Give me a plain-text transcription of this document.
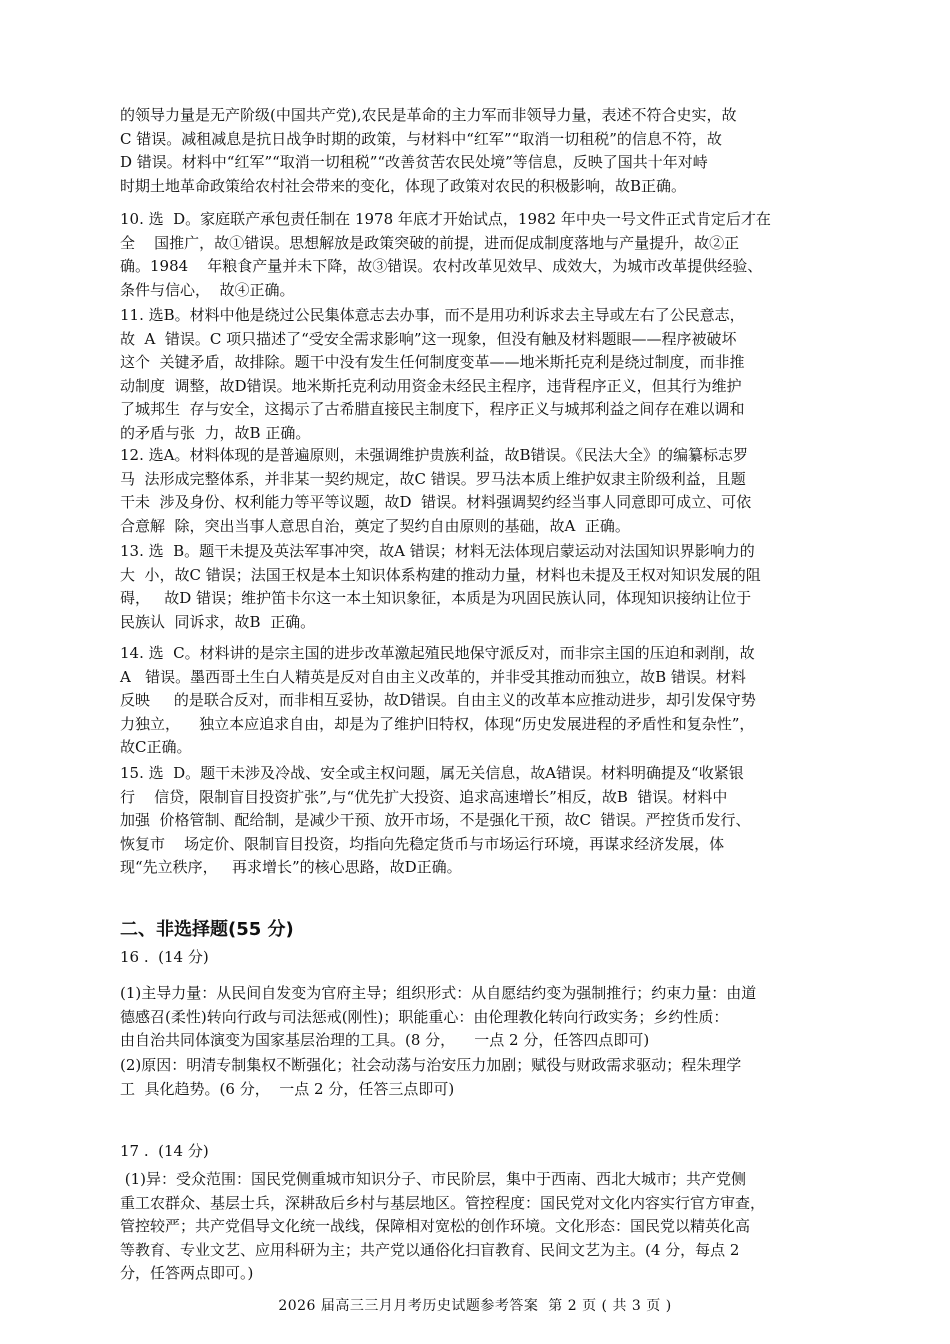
的领导力量是无产阶级(中国共产党),农民是革命的主力军而非领导力量，表述不符合史实，故

C 错误。减租减息是抗日战争时期的政策，与材料中“红军”“取消一切租税”的信息不符，故

D 错误。材料中“红军”“取消一切租税”“改善贫苦农民处境”等信息，反映了国共十年对峙

时期土地革命政策给农村社会带来的变化，体现了政策对农民的积极影响，故B正确。

10. 选  D。家庭联产承包责任制在 1978 年底才开始试点，1982 年中央一号文件正式肯定后才在

全    国推广，故①错误。思想解放是政策突破的前提，进而促成制度落地与产量提升，故②正

确。1984    年粮食产量并未下降，故③错误。农村改革见效早、成效大，为城市改革提供经验、

条件与信心，  故④正确。

11. 选B。材料中他是绕过公民集体意志去办事，而不是用功利诉求去主导或左右了公民意志，

故  A  错误。C 项只描述了“受安全需求影响”这一现象，但没有触及材料题眼——程序被破坏

这个  关键矛盾，故排除。题干中没有发生任何制度变革——地米斯托克利是绕过制度，而非推

动制度  调整，故D错误。地米斯托克利动用资金未经民主程序，违背程序正义，但其行为维护

了城邦生  存与安全，这揭示了古希腊直接民主制度下，程序正义与城邦利益之间存在难以调和

的矛盾与张  力，故B 正确。

12. 选A。材料体现的是普遍原则，未强调维护贵族利益，故B错误。《民法大全》的编纂标志罗

马  法形成完整体系，并非某一契约规定，故C 错误。罗马法本质上维护奴隶主阶级利益，且题

干未  涉及身份、权利能力等平等议题，故D  错误。材料强调契约经当事人同意即可成立、可依

合意解  除，突出当事人意思自治，奠定了契约自由原则的基础，故A  正确。

13. 选  B。题干未提及英法军事冲突，故A 错误；材料无法体现启蒙运动对法国知识界影响力的

大  小，故C 错误；法国王权是本土知识体系构建的推动力量，材料也未提及王权对知识发展的阻

碍，   故D 错误；维护笛卡尔这一本土知识象征，本质是为巩固民族认同，体现知识接纳让位于

民族认  同诉求，故B  正确。

14. 选  C。材料讲的是宗主国的进步改革激起殖民地保守派反对，而非宗主国的压迫和剥削，故

A   错误。墨西哥土生白人精英是反对自由主义改革的，并非受其推动而独立，故B 错误。材料

反映     的是联合反对，而非相互妥协，故D错误。自由主义的改革本应推动进步，却引发保守势

力独立，    独立本应追求自由，却是为了维护旧特权，体现“历史发展进程的矛盾性和复杂性”，

故C正确。

15. 选  D。题干未涉及冷战、安全或主权问题，属无关信息，故A错误。材料明确提及“收紧银

行    信贷，限制盲目投资扩张”,与“优先扩大投资、追求高速增长”相反，故B  错误。材料中

加强  价格管制、配给制，是减少干预、放开市场，不是强化干预，故C  错误。严控货币发行、

恢复市    场定价、限制盲目投资，均指向先稳定货币与市场运行环境，再谋求经济发展，体

现“先立秩序，   再求增长”的核心思路，故D正确。

二、非选择题(55 分)

16 .  (14 分)

(1)主导力量：从民间自发变为官府主导；组织形式：从自愿结约变为强制推行；约束力量：由道

德感召(柔性)转向行政与司法惩戒(刚性)；职能重心：由伦理教化转向行政实务；乡约性质：

由自治共同体演变为国家基层治理的工具。(8 分，    一点 2 分，任答四点即可)

(2)原因：明清专制集权不断强化；社会动荡与治安压力加剧；赋役与财政需求驱动；程朱理学

工  具化趋势。(6 分，  一点 2 分，任答三点即可)

17 .  (14 分)

(1)异：受众范围：国民党侧重城市知识分子、市民阶层，集中于西南、西北大城市；共产党侧

重工农群众、基层士兵，深耕敌后乡村与基层地区。管控程度：国民党对文化内容实行官方审查，

管控较严；共产党倡导文化统一战线，保障相对宽松的创作环境。文化形态：国民党以精英化高

等教育、专业文艺、应用科研为主；共产党以通俗化扫盲教育、民间文艺为主。(4 分，每点 2

分，任答两点即可。)

2026 届高三三月月考历史试题参考答案  第 2 页 ( 共 3 页 )
